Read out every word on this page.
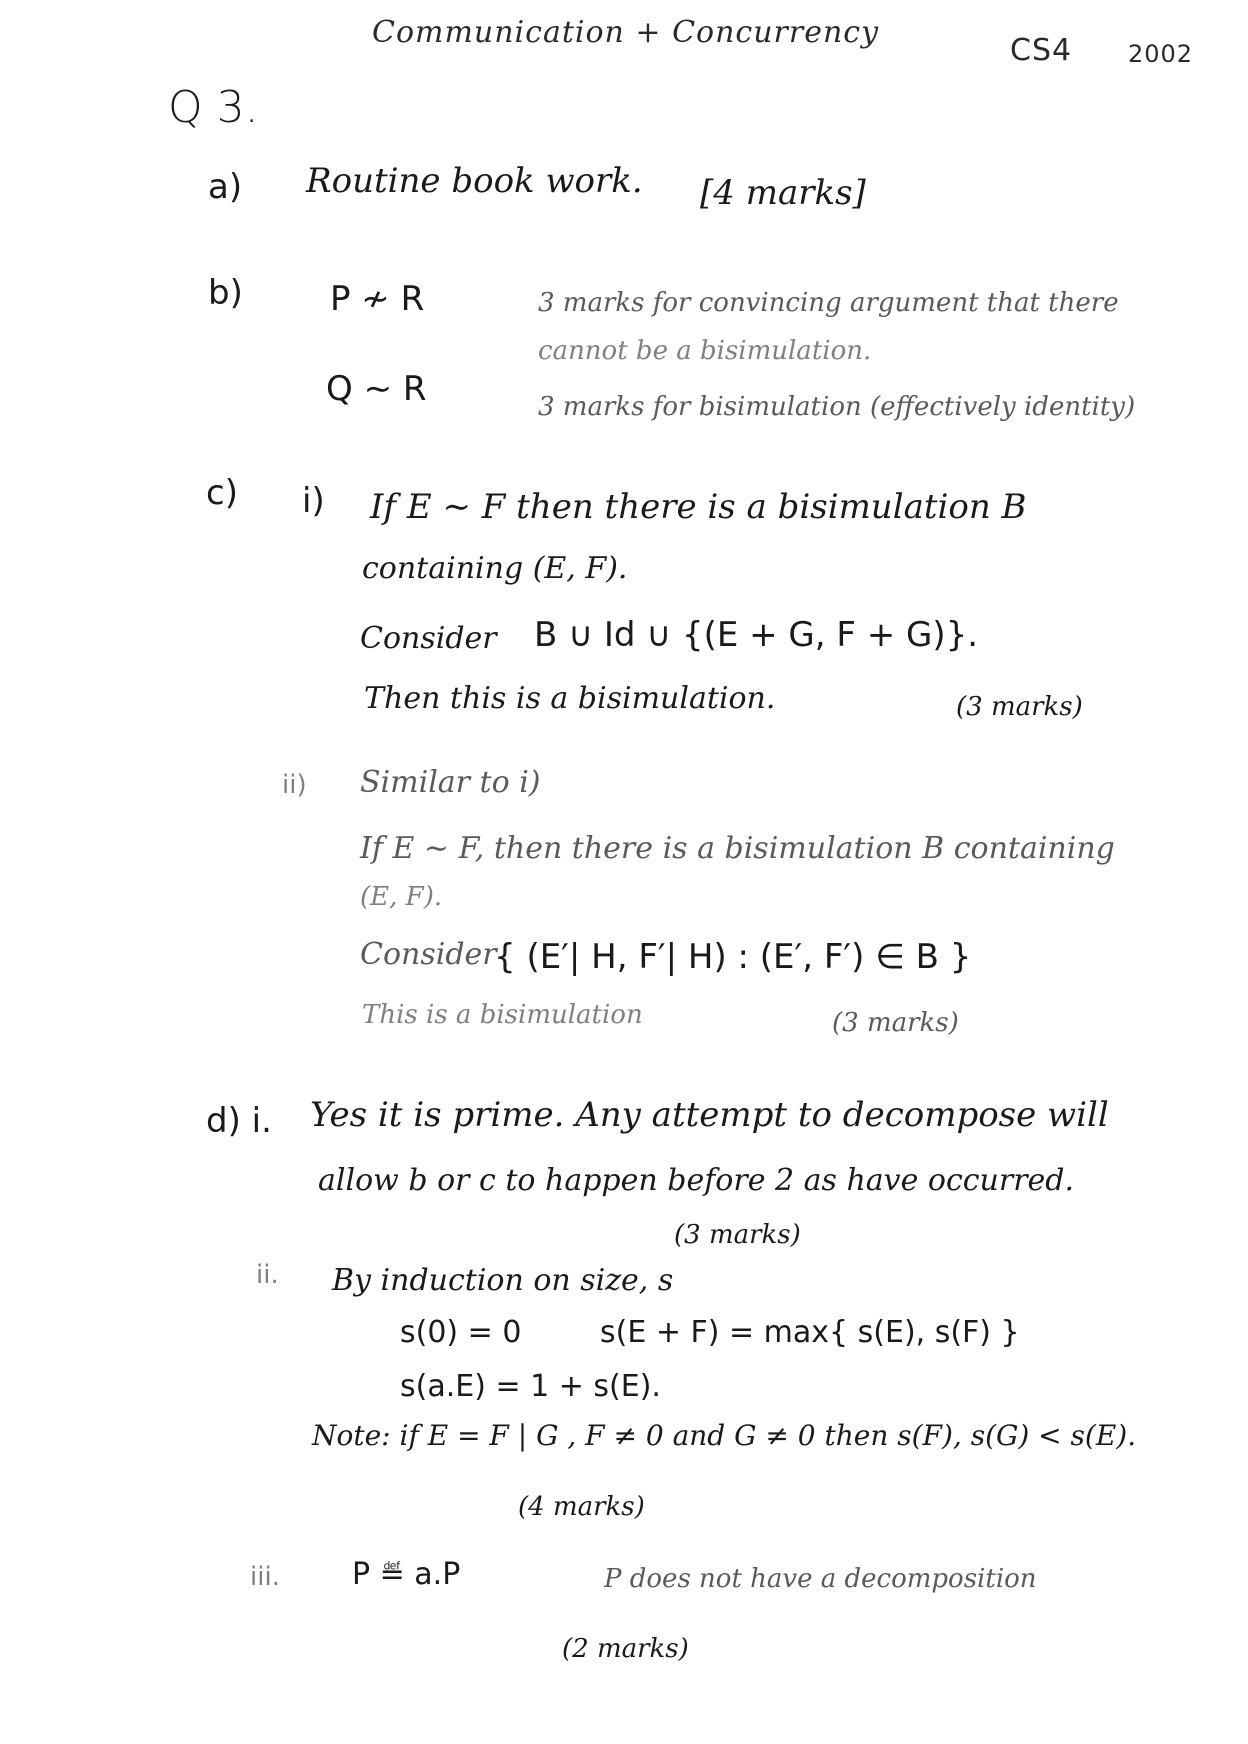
Communication + Concurrency
CS4 2002
Q 3.
a) Routine book work. [4 marks]
b)	P ≁ R	3 marks for convincing argument that there
cannot be a bisimulation.
Q ∼ R	3 marks for bisimulation (effectively identity)
c) i) If E ∼ F then there is a bisimulation B
containing (E, F).
Consider B ∪ Id ∪ {(E + G, F + G)}.
Then this is a bisimulation.	(3 marks)
ii) Similar to i)
If E ∼ F, then there is a bisimulation B containing
(E, F).
Consider
{ (E′| H, F′| H) : (E′, F′) ∈ B }
This is a bisimulation	(3 marks)
d) i. Yes it is prime. Any attempt to decompose will
allow b or c to happen before 2 as have occurred.
(3 marks)
ii. By induction on size, s
s(0) = 0	s(E + F) = max{ s(E), s(F) }
s(a.E) = 1 + s(E).
Note: if E = F | G , F ≠ 0 and G ≠ 0 then s(F), s(G) < s(E).
(4 marks)
iii. P ≝ a.P	P does not have a decomposition
(2 marks)
